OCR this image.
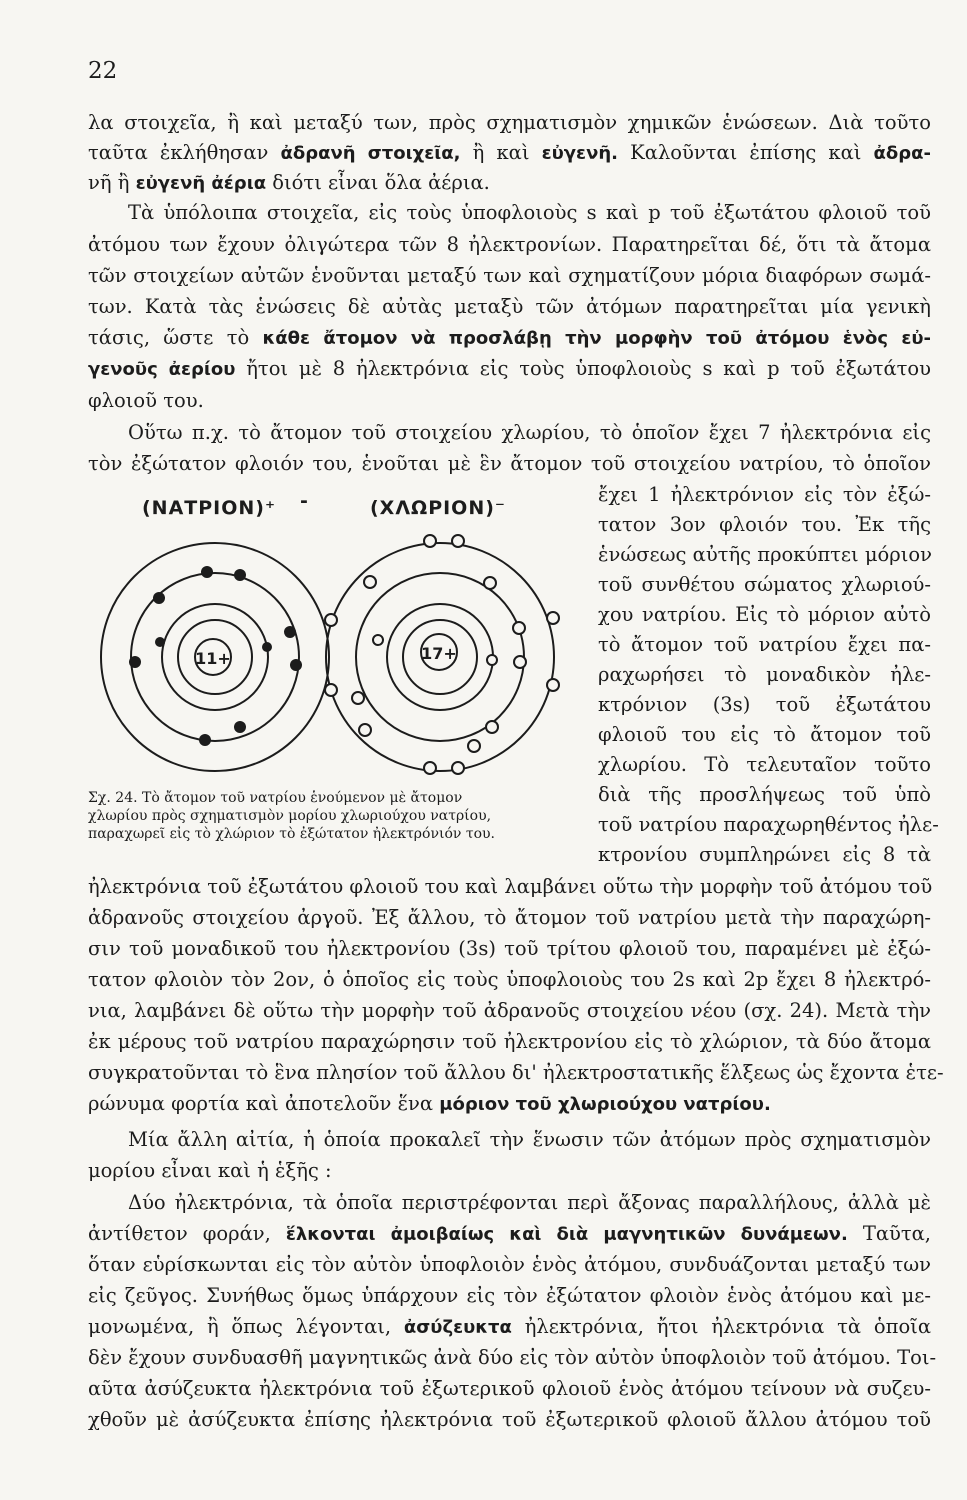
22
λα στοιχεῖα, ἢ καὶ μεταξύ των, πρὸς σχηματισμὸν χημικῶν ἑνώσεων. Διὰ τοῦτο
ταῦτα ἐκλήθησαν ἀδρανῆ στοιχεῖα, ἢ καὶ εὐγενῆ. Καλοῦνται ἐπίσης καὶ ἀδρα-
νῆ ἢ εὐγενῆ ἀέρια διότι εἶναι ὅλα ἀέρια.
Τὰ ὑπόλοιπα στοιχεῖα, εἰς τοὺς ὑποφλοιοὺς s καὶ p τοῦ ἐξωτάτου φλοιοῦ τοῦ
ἀτόμου των ἔχουν ὀλιγώτερα τῶν 8 ἠλεκτρονίων. Παρατηρεῖται δέ, ὅτι τὰ ἄτομα
τῶν στοιχείων αὐτῶν ἑνοῦνται μεταξύ των καὶ σχηματίζουν μόρια διαφόρων σωμά-
των. Κατὰ τὰς ἑνώσεις δὲ αὐτὰς μεταξὺ τῶν ἀτόμων παρατηρεῖται μία γενικὴ
τάσις, ὥστε τὸ κάθε ἄτομον νὰ προσλάβῃ τὴν μορφὴν τοῦ ἀτόμου ἑνὸς εὐ-
γενοῦς ἀερίου ἤτοι μὲ 8 ἠλεκτρόνια εἰς τοὺς ὑποφλοιοὺς s καὶ p τοῦ ἐξωτάτου
φλοιοῦ του.
Οὕτω π.χ. τὸ ἄτομον τοῦ στοιχείου χλωρίου, τὸ ὁποῖον ἔχει 7 ἠλεκτρόνια εἰς
τὸν ἐξώτατον φλοιόν του, ἑνοῦται μὲ ἓν ἄτομον τοῦ στοιχείου νατρίου, τὸ ὁποῖον
ἔχει 1 ἠλεκτρόνιον εἰς τὸν ἐξώ-
τατον 3ον φλοιόν του. Ἐκ τῆς
ἑνώσεως αὐτῆς προκύπτει μόριον
τοῦ συνθέτου σώματος χλωριού-
χου νατρίου. Εἰς τὸ μόριον αὐτὸ
τὸ ἄτομον τοῦ νατρίου ἔχει πα-
ραχωρήσει τὸ μοναδικὸν ἠλε-
κτρόνιον (3s) τοῦ ἐξωτάτου
φλοιοῦ του εἰς τὸ ἄτομον τοῦ
χλωρίου. Τὸ τελευταῖον τοῦτο
διὰ τῆς προσλήψεως τοῦ ὑπὸ
τοῦ νατρίου παραχωρηθέντος ἠλε-
κτρονίου συμπληρώνει εἰς 8 τὰ
(ΝΑΤΡΙΟΝ)⁺ -	(ΧΛΩΡΙΟΝ)⁻
11+	17+
Σχ. 24. Τὸ ἄτομον τοῦ νατρίου ἑνούμενον μὲ ἄτομον
χλωρίου πρὸς σχηματισμὸν μορίου χλωριούχου νατρίου,
παραχωρεῖ εἰς τὸ χλώριον τὸ ἐξώτατον ἠλεκτρόνιόν του.
ἠλεκτρόνια τοῦ ἐξωτάτου φλοιοῦ του καὶ λαμβάνει οὕτω τὴν μορφὴν τοῦ ἀτόμου τοῦ
ἀδρανοῦς στοιχείου ἀργοῦ. Ἐξ ἄλλου, τὸ ἄτομον τοῦ νατρίου μετὰ τὴν παραχώρη-
σιν τοῦ μοναδικοῦ του ἠλεκτρονίου (3s) τοῦ τρίτου φλοιοῦ του, παραμένει μὲ ἐξώ-
τατον φλοιὸν τὸν 2ον, ὁ ὁποῖος εἰς τοὺς ὑποφλοιοὺς του 2s καὶ 2p ἔχει 8 ἠλεκτρό-
νια, λαμβάνει δὲ οὕτω τὴν μορφὴν τοῦ ἀδρανοῦς στοιχείου νέου (σχ. 24). Μετὰ τὴν
ἐκ μέρους τοῦ νατρίου παραχώρησιν τοῦ ἠλεκτρονίου εἰς τὸ χλώριον, τὰ δύο ἄτομα
συγκρατοῦνται τὸ ἓνα πλησίον τοῦ ἄλλου δι' ἠλεκτροστατικῆς ἕλξεως ὡς ἔχοντα ἑτε-
ρώνυμα φορτία καὶ ἀποτελοῦν ἕνα μόριον τοῦ χλωριούχου νατρίου.
Μία ἄλλη αἰτία, ἡ ὁποία προκαλεῖ τὴν ἕνωσιν τῶν ἀτόμων πρὸς σχηματισμὸν
μορίου εἶναι καὶ ἡ ἑξῆς :
Δύο ἠλεκτρόνια, τὰ ὁποῖα περιστρέφονται περὶ ἄξονας παραλλήλους, ἀλλὰ μὲ
ἀντίθετον φοράν, ἕλκονται ἀμοιβαίως καὶ διὰ μαγνητικῶν δυνάμεων. Ταῦτα,
ὅταν εὑρίσκωνται εἰς τὸν αὐτὸν ὑποφλοιὸν ἑνὸς ἀτόμου, συνδυάζονται μεταξύ των
εἰς ζεῦγος. Συνήθως ὅμως ὑπάρχουν εἰς τὸν ἐξώτατον φλοιὸν ἑνὸς ἀτόμου καὶ με-
μονωμένα, ἢ ὅπως λέγονται, ἀσύζευκτα ἠλεκτρόνια, ἤτοι ἠλεκτρόνια τὰ ὁποῖα
δὲν ἔχουν συνδυασθῆ μαγνητικῶς ἀνὰ δύο εἰς τὸν αὐτὸν ὑποφλοιὸν τοῦ ἀτόμου. Τοι-
αῦτα ἀσύζευκτα ἠλεκτρόνια τοῦ ἐξωτερικοῦ φλοιοῦ ἑνὸς ἀτόμου τείνουν νὰ συζευ-
χθοῦν μὲ ἀσύζευκτα ἐπίσης ἠλεκτρόνια τοῦ ἐξωτερικοῦ φλοιοῦ ἄλλου ἀτόμου τοῦ
